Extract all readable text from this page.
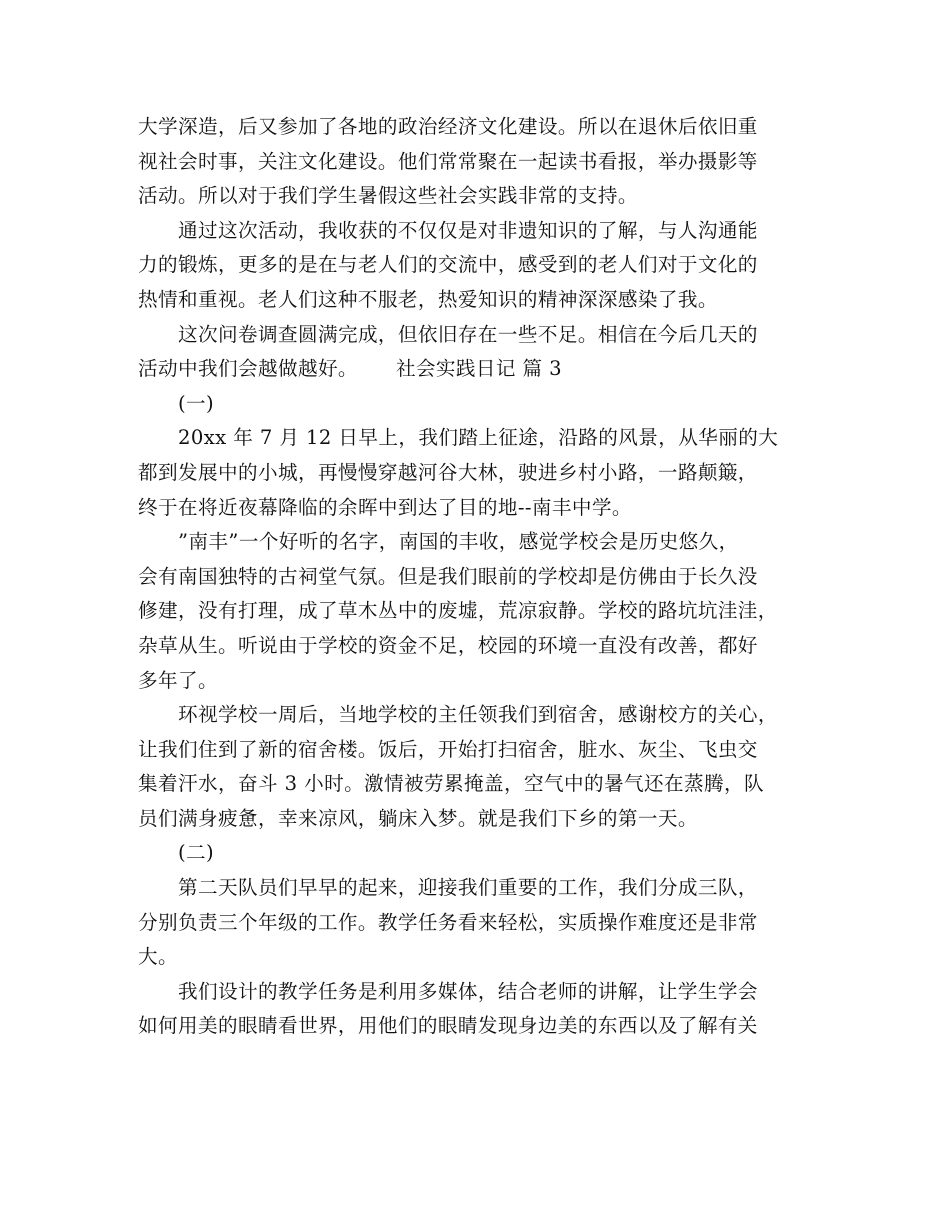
大学深造，后又参加了各地的政治经济文化建设。所以在退休后依旧重
视社会时事，关注文化建设。他们常常聚在一起读书看报，举办摄影等
活动。所以对于我们学生暑假这些社会实践非常的支持。
通过这次活动，我收获的不仅仅是对非遗知识的了解，与人沟通能
力的锻炼，更多的是在与老人们的交流中，感受到的老人们对于文化的
热情和重视。老人们这种不服老，热爱知识的精神深深感染了我。
这次问卷调查圆满完成，但依旧存在一些不足。相信在今后几天的
活动中我们会越做越好。 社会实践日记 篇 3
(一)
20xx 年 7 月 12 日早上，我们踏上征途，沿路的风景，从华丽的大
都到发展中的小城，再慢慢穿越河谷大林，驶进乡村小路，一路颠簸，
终于在将近夜幕降临的余晖中到达了目的地--南丰中学。
”南丰”一个好听的名字，南国的丰收，感觉学校会是历史悠久，
会有南国独特的古祠堂气氛。但是我们眼前的学校却是仿佛由于长久没
修建，没有打理，成了草木丛中的废墟，荒凉寂静。学校的路坑坑洼洼，
杂草从生。听说由于学校的资金不足，校园的环境一直没有改善，都好
多年了。
环视学校一周后，当地学校的主任领我们到宿舍，感谢校方的关心，
让我们住到了新的宿舍楼。饭后，开始打扫宿舍，脏水、灰尘、飞虫交
集着汗水，奋斗 3 小时。激情被劳累掩盖，空气中的暑气还在蒸腾，队
员们满身疲惫，幸来凉风，躺床入梦。就是我们下乡的第一天。
(二)
第二天队员们早早的起来，迎接我们重要的工作，我们分成三队，
分别负责三个年级的工作。教学任务看来轻松，实质操作难度还是非常
大。
我们设计的教学任务是利用多媒体，结合老师的讲解，让学生学会
如何用美的眼睛看世界，用他们的眼睛发现身边美的东西以及了解有关
